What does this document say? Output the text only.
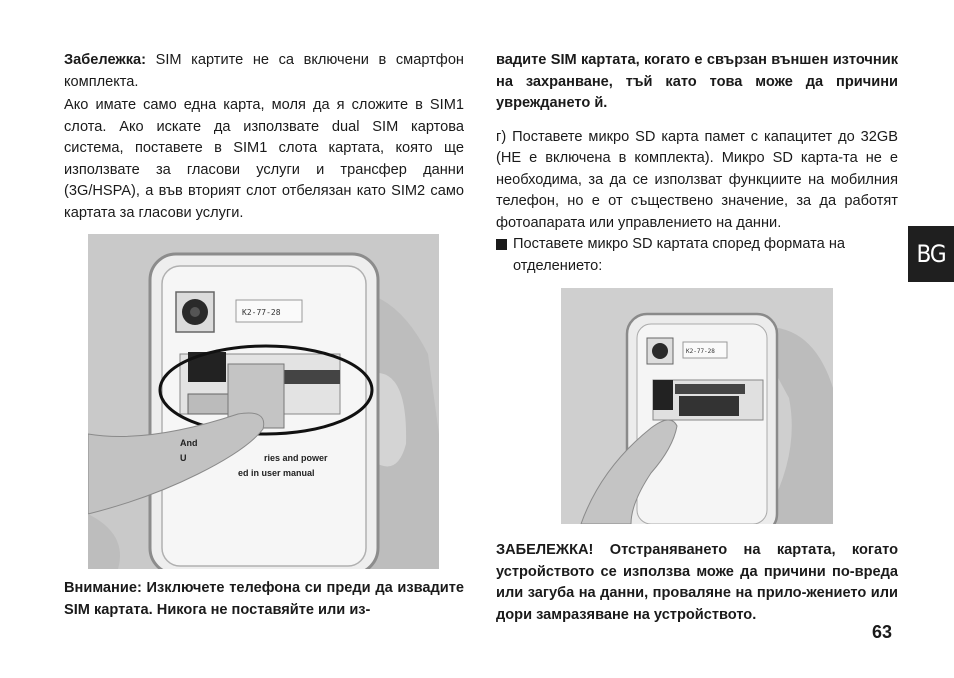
Забележка: SIM картите не са включени в смартфон комплекта.

Ако имате само една карта, моля да я сложите в SIM1 слота. Ако искате да използвате dual SIM картова система, поставете в SIM1 слота картата, която ще използвате за гласови услуги и трансфер данни (3G/HSPA), а във вторият слот отбелязан като SIM2 само картата за гласови услуги.

K2-77-28
And
U	ries and power
ed in user manual
Внимание: Изключете телефона си преди да извадите SIM картата. Никога не поставяйте или из-

вадите SIM картата, когато е свързан външен източник на захранване, тъй като това може да причини увреждането й.

г) Поставете микро SD карта памет с капацитет до 32GB (НЕ е включена в комплекта). Микро SD карта-та не е необходима, за да се използват функциите на мобилния телефон, но е от съществено значение, за да работят фотоапарата или управлението на данни.

Поставете микро SD картата според формата на отделението:
K2-77-28
ЗАБЕЛЕЖКА! Отстраняването на картата, когато устройството се използва може да причини по-вреда или загуба на данни, проваляне на прило-жението или дори замразяване на устройството.
BG
63
